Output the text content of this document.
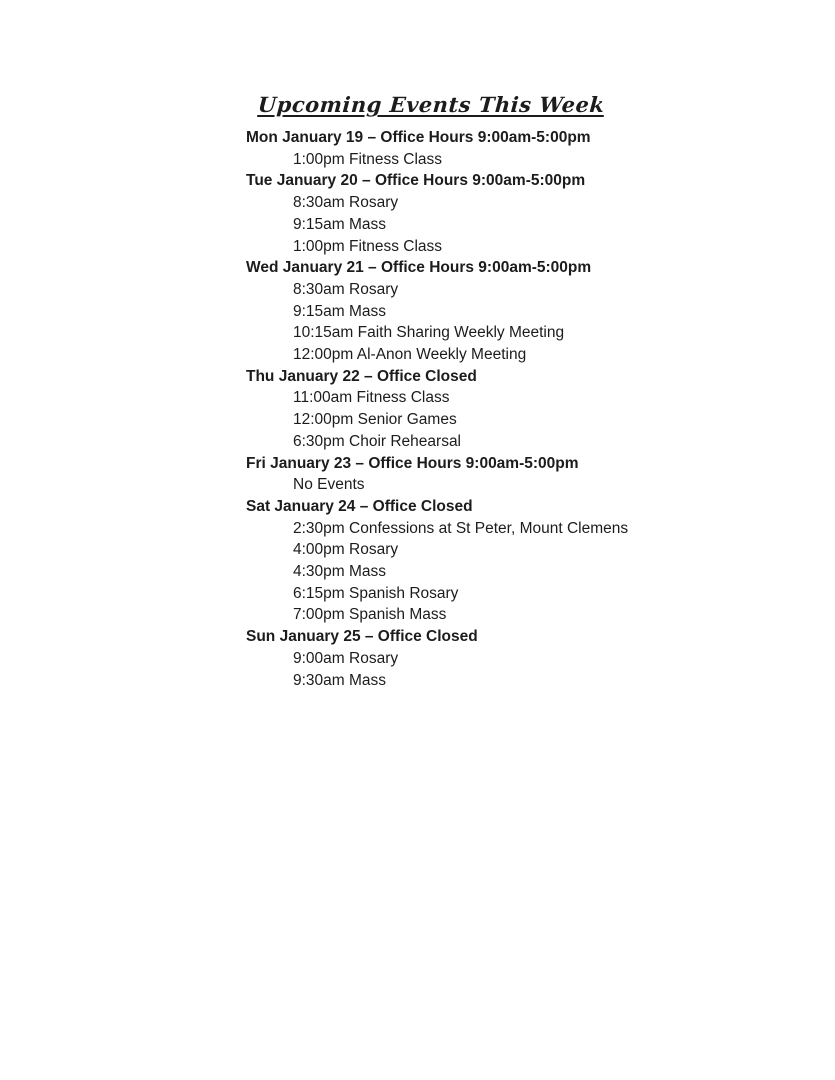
Upcoming Events This Week
Mon January 19 – Office Hours 9:00am-5:00pm
1:00pm Fitness Class
Tue January 20 – Office Hours 9:00am-5:00pm
8:30am Rosary
9:15am Mass
1:00pm Fitness Class
Wed January 21 – Office Hours 9:00am-5:00pm
8:30am Rosary
9:15am Mass
10:15am Faith Sharing Weekly Meeting
12:00pm Al-Anon Weekly Meeting
Thu January 22 – Office Closed
11:00am Fitness Class
12:00pm Senior Games
6:30pm Choir Rehearsal
Fri January 23 – Office Hours 9:00am-5:00pm
No Events
Sat January 24 – Office Closed
2:30pm Confessions at St Peter, Mount Clemens
4:00pm Rosary
4:30pm Mass
6:15pm Spanish Rosary
7:00pm Spanish Mass
Sun January 25 – Office Closed
9:00am Rosary
9:30am Mass
